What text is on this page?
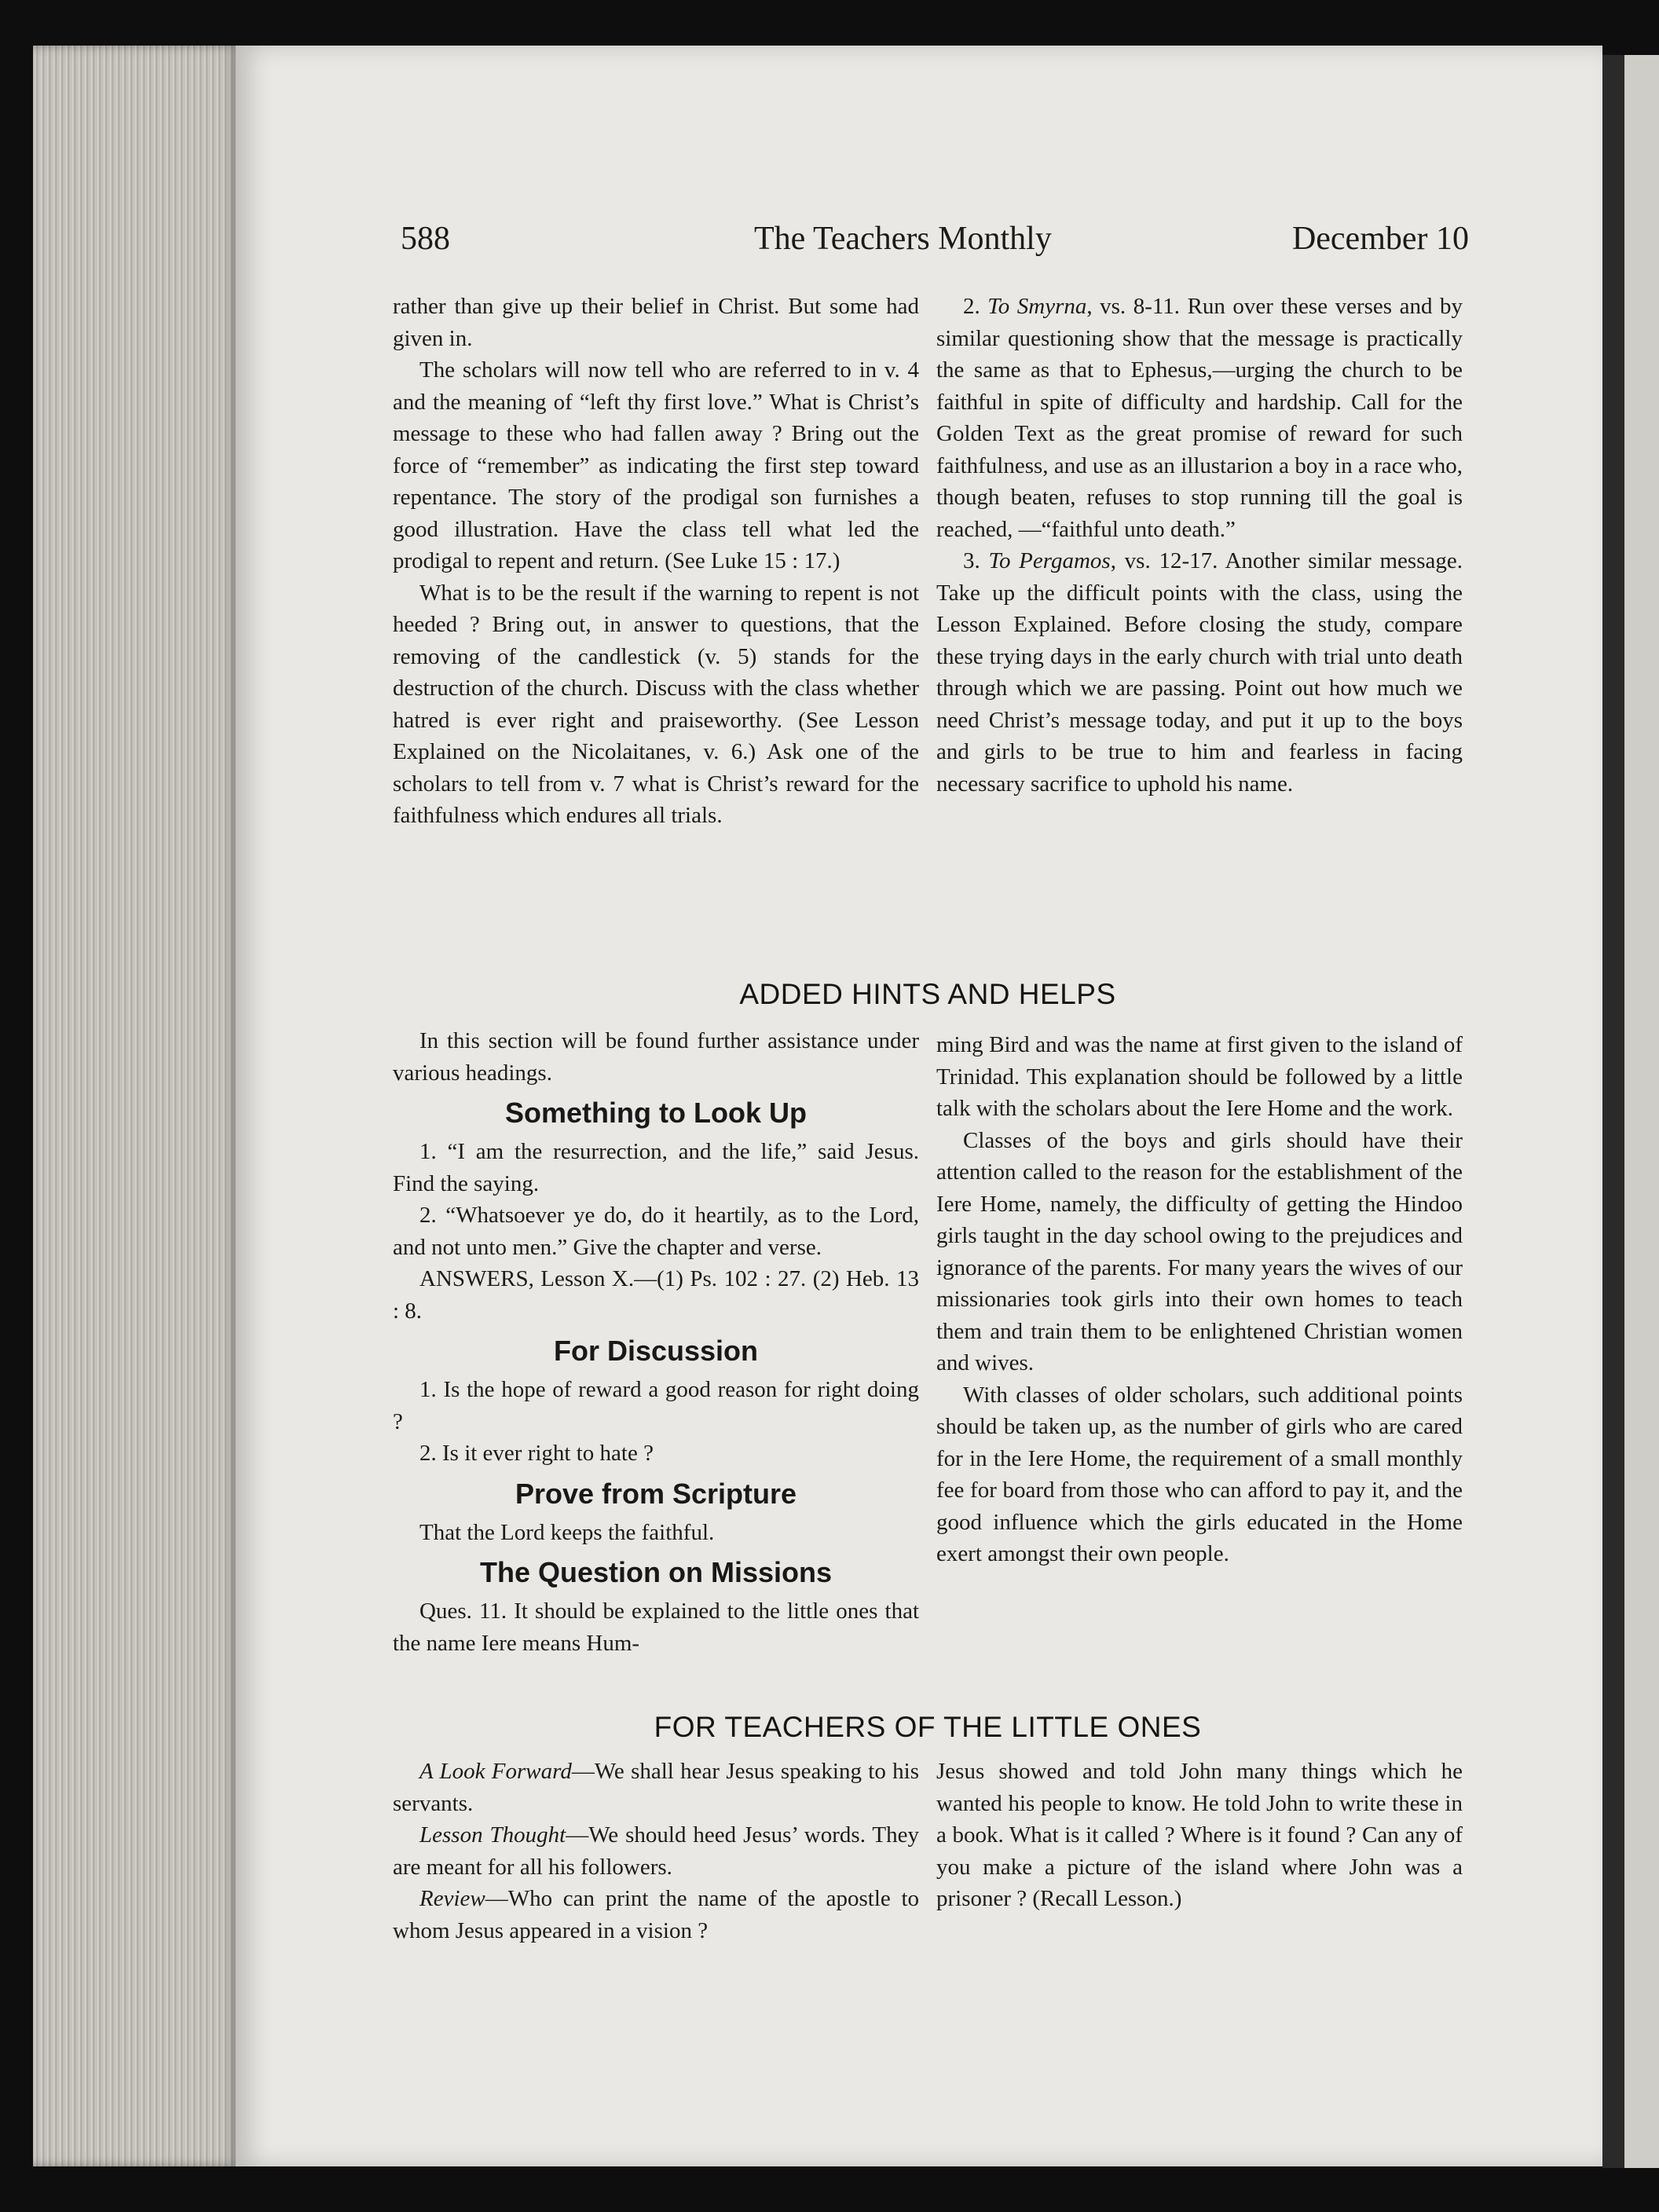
588	The Teachers Monthly	December 10

rather than give up their belief in Christ. But some had given in.

The scholars will now tell who are referred to in v. 4 and the meaning of “left thy first love.” What is Christ’s message to these who had fallen away ? Bring out the force of “remember” as indicating the first step toward repentance. The story of the prodigal son furnishes a good illustration. Have the class tell what led the prodigal to repent and return. (See Luke 15 : 17.)

What is to be the result if the warning to repent is not heeded ? Bring out, in answer to questions, that the removing of the candlestick (v. 5) stands for the destruction of the church. Discuss with the class whether hatred is ever right and praiseworthy. (See Lesson Explained on the Nicolaitanes, v. 6.) Ask one of the scholars to tell from v. 7 what is Christ’s reward for the faithfulness which endures all trials.

2. To Smyrna, vs. 8-11. Run over these verses and by similar questioning show that the message is practically the same as that to Ephesus,—urging the church to be faithful in spite of difficulty and hardship. Call for the Golden Text as the great promise of reward for such faithfulness, and use as an illustarion a boy in a race who, though beaten, refuses to stop running till the goal is reached, —“faithful unto death.”

3. To Pergamos, vs. 12-17. Another similar message. Take up the difficult points with the class, using the Lesson Explained. Before closing the study, compare these trying days in the early church with trial unto death through which we are passing. Point out how much we need Christ’s message today, and put it up to the boys and girls to be true to him and fearless in facing necessary sacrifice to uphold his name.

ADDED HINTS AND HELPS

In this section will be found further assistance under various headings.

Something to Look Up

1. “I am the resurrection, and the life,” said Jesus. Find the saying.

2. “Whatsoever ye do, do it heartily, as to the Lord, and not unto men.” Give the chapter and verse.

ANSWERS, Lesson X.—(1) Ps. 102 : 27. (2) Heb. 13 : 8.

For Discussion

1. Is the hope of reward a good reason for right doing ?

2. Is it ever right to hate ?

Prove from Scripture

That the Lord keeps the faithful.

The Question on Missions

Ques. 11. It should be explained to the little ones that the name Iere means Hum-

ming Bird and was the name at first given to the island of Trinidad. This explanation should be followed by a little talk with the scholars about the Iere Home and the work.

Classes of the boys and girls should have their attention called to the reason for the establishment of the Iere Home, namely, the difficulty of getting the Hindoo girls taught in the day school owing to the prejudices and ignorance of the parents. For many years the wives of our missionaries took girls into their own homes to teach them and train them to be enlightened Christian women and wives.

With classes of older scholars, such additional points should be taken up, as the number of girls who are cared for in the Iere Home, the requirement of a small monthly fee for board from those who can afford to pay it, and the good influence which the girls educated in the Home exert amongst their own people.

FOR TEACHERS OF THE LITTLE ONES

A Look Forward—We shall hear Jesus speaking to his servants.

Lesson Thought—We should heed Jesus’ words. They are meant for all his followers.

Review—Who can print the name of the apostle to whom Jesus appeared in a vision ?

Jesus showed and told John many things which he wanted his people to know. He told John to write these in a book. What is it called ? Where is it found ? Can any of you make a picture of the island where John was a prisoner ? (Recall Lesson.)
